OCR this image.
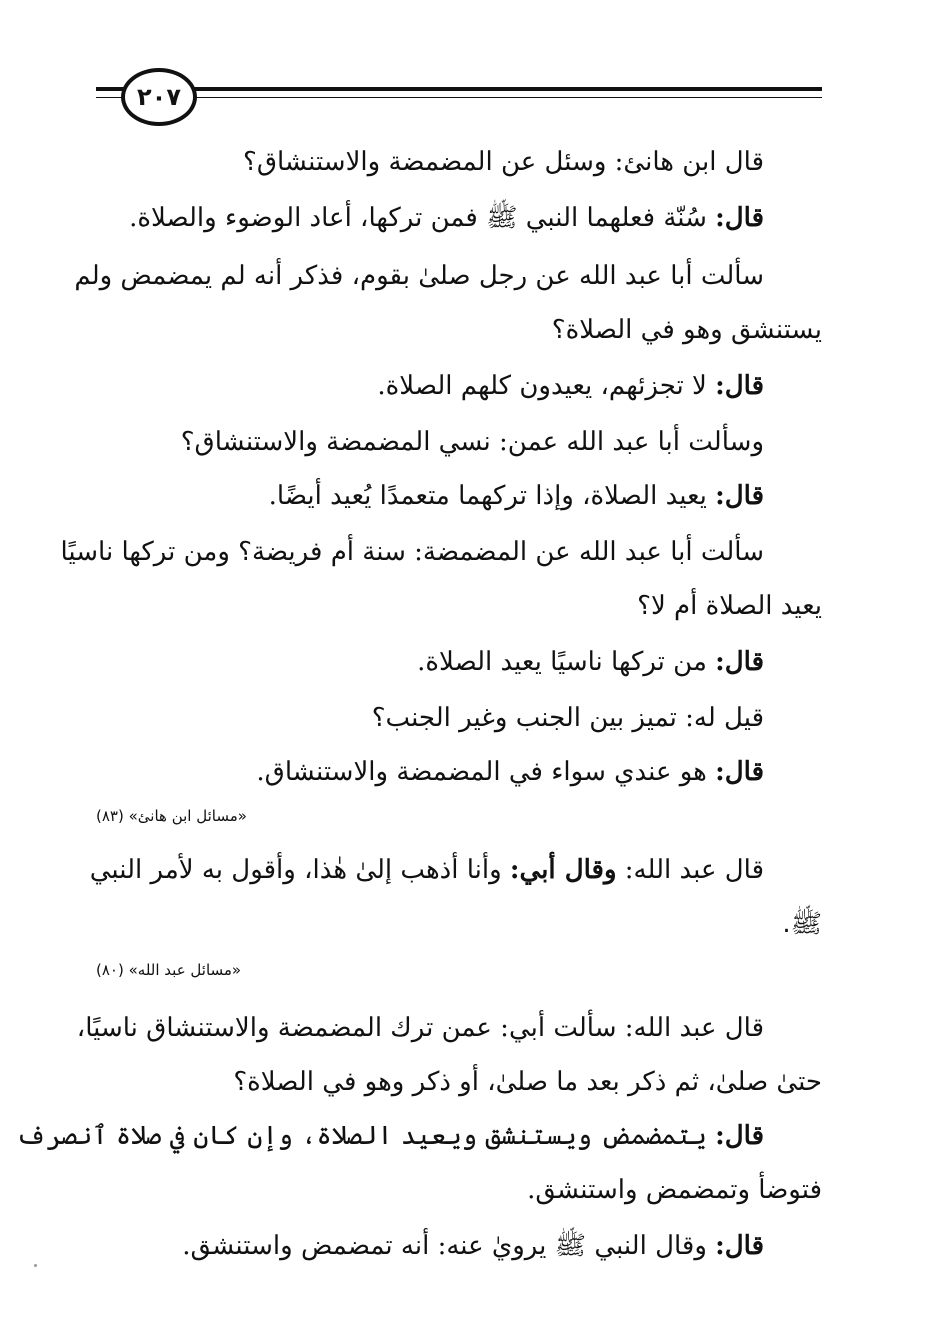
٢٠٧
قال ابن هانئ: وسئل عن المضمضة والاستنشاق؟
قال: سُنّة فعلهما النبي ﷺ فمن تركها، أعاد الوضوء والصلاة.
سألت أبا عبد الله عن رجل صلىٰ بقوم، فذكر أنه لم يمضمض ولم
يستنشق وهو في الصلاة؟
قال: لا تجزئهم، يعيدون كلهم الصلاة.
وسألت أبا عبد الله عمن: نسي المضمضة والاستنشاق؟
قال: يعيد الصلاة، وإذا تركهما متعمدًا يُعيد أيضًا.
سألت أبا عبد الله عن المضمضة: سنة أم فريضة؟ ومن تركها ناسيًا
يعيد الصلاة أم لا؟
قال: من تركها ناسيًا يعيد الصلاة.
قيل له: تميز بين الجنب وغير الجنب؟
قال: هو عندي سواء في المضمضة والاستنشاق.
«مسائل ابن هانئ» (٨٣)
قال عبد الله: وقال أبي: وأنا أذهب إلىٰ هٰذا، وأقول به لأمر النبي
ﷺ.
«مسائل عبد الله» (٨٠)
قال عبد الله: سألت أبي: عمن ترك المضمضة والاستنشاق ناسيًا،
حتىٰ صلىٰ، ثم ذكر بعد ما صلىٰ، أو ذكر وهو في الصلاة؟
قال: يتمضمض ويستنشق ويعيد الصلاة، وإن كان في صلاة ٱنصرف
فتوضأ وتمضمض واستنشق.
قال: وقال النبي ﷺ يرويٰ عنه: أنه تمضمض واستنشق.
